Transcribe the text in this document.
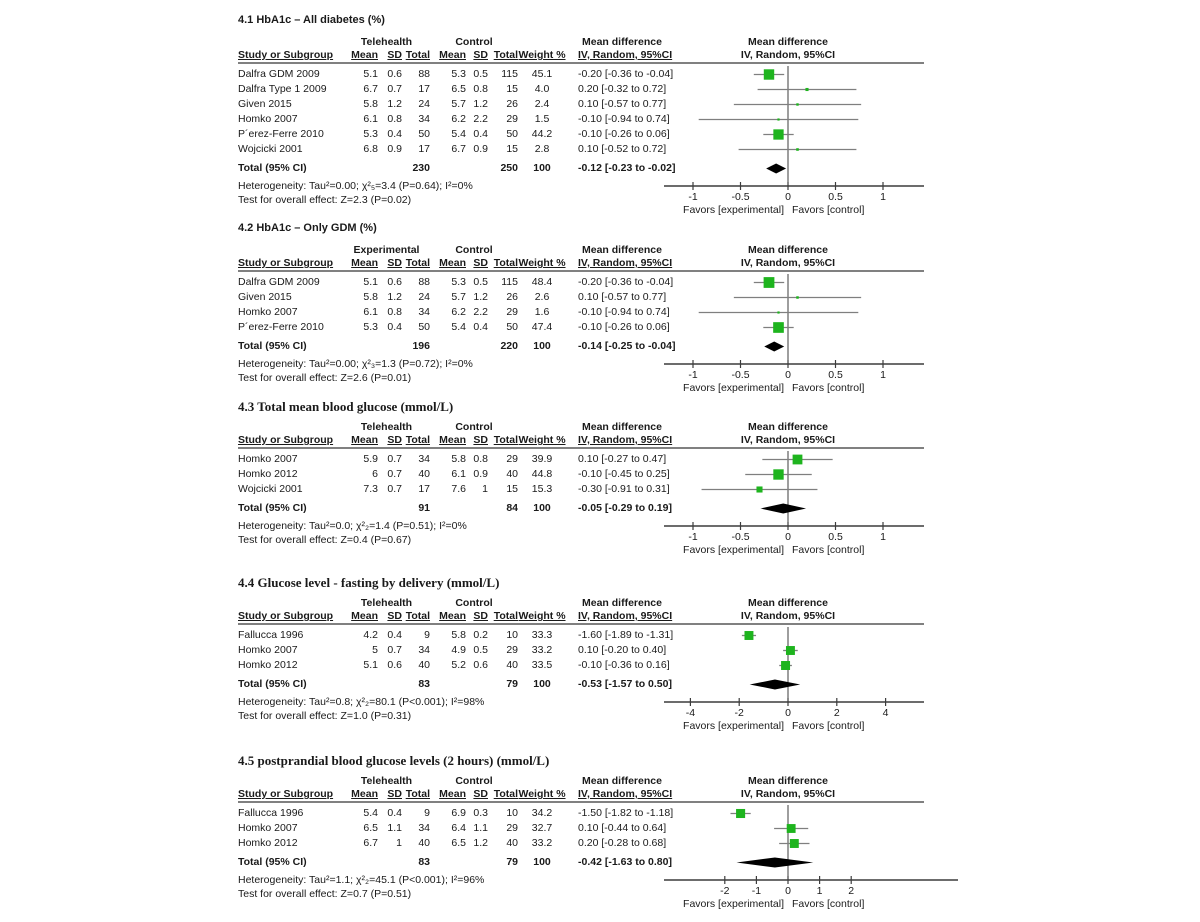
4.1 HbA1c – All diabetes (%)
Telehealth	Control	Mean difference
Study or Subgroup	Mean SD Total Mean SD Total Weight % IV, Random, 95%CI
Mean difference
IV, Random, 95%CI
Dalfra GDM 2009	5.1 0.6	88	5.3 0.5	115	45.1	-0.20 [-0.36 to -0.04]
Dalfra Type 1 2009	6.7 0.7	17	6.5 0.8	15	4.0	0.20 [-0.32 to 0.72]
Given 2015	5.8 1.2	24	5.7 1.2	26	2.4	0.10 [-0.57 to 0.77]
Homko 2007	6.1 0.8	34	6.2 2.2	29	1.5	-0.10 [-0.94 to 0.74]
P´erez-Ferre 2010	5.3 0.4	50	5.4 0.4	50	44.2	-0.10 [-0.26 to 0.06]
Wojcicki 2001	6.8 0.9	17	6.7 0.9	15	2.8	0.10 [-0.52 to 0.72]
Total (95% CI)	230	250	100	-0.12 [-0.23 to -0.02]
Heterogeneity: Tau²=0.00; χ²₅=3.4 (P=0.64); I²=0%
Test for overall effect: Z=2.3 (P=0.02)	-1	-0.5	0	0.5	1
Favors [experimental] Favors [control]
4.2 HbA1c – Only GDM (%)
Experimental	Control	Mean difference
Study or Subgroup	Mean SD Total Mean SD Total Weight % IV, Random, 95%CI
Mean difference
IV, Random, 95%CI
Dalfra GDM 2009	5.1 0.6	88	5.3 0.5	115	48.4	-0.20 [-0.36 to -0.04]
Given 2015	5.8 1.2	24	5.7 1.2	26	2.6	0.10 [-0.57 to 0.77]
Homko 2007	6.1 0.8	34	6.2 2.2	29	1.6	-0.10 [-0.94 to 0.74]
P´erez-Ferre 2010	5.3 0.4	50	5.4 0.4	50	47.4	-0.10 [-0.26 to 0.06]
Total (95% CI)	196	220	100	-0.14 [-0.25 to -0.04]
Heterogeneity: Tau²=0.00; χ²₃=1.3 (P=0.72); I²=0%
Test for overall effect: Z=2.6 (P=0.01)	-1	-0.5	0	0.5	1
Favors [experimental] Favors [control]
4.3 Total mean blood glucose (mmol/L)
Telehealth	Control	Mean difference
Study or Subgroup	Mean SD Total Mean SD Total Weight % IV, Random, 95%CI
Mean difference
IV, Random, 95%CI
Homko 2007	5.9 0.7	34	5.8 0.8	29	39.9	0.10 [-0.27 to 0.47]
Homko 2012	6 0.7	40	6.1 0.9	40	44.8	-0.10 [-0.45 to 0.25]
Wojcicki 2001	7.3 0.7	17	7.6	1	15	15.3	-0.30 [-0.91 to 0.31]
Total (95% CI)	91	84	100	-0.05 [-0.29 to 0.19]
Heterogeneity: Tau²=0.0; χ²₂=1.4 (P=0.51); I²=0%
Test for overall effect: Z=0.4 (P=0.67)	-1	-0.5	0	0.5	1
Favors [experimental] Favors [control]
4.4 Glucose level - fasting by delivery (mmol/L)
Telehealth	Control	Mean difference
Study or Subgroup	Mean SD Total Mean SD Total Weight % IV, Random, 95%CI
Mean difference
IV, Random, 95%CI
Fallucca 1996	4.2 0.4	9	5.8 0.2	10	33.3	-1.60 [-1.89 to -1.31]
Homko 2007	5 0.7	34	4.9 0.5	29	33.2	0.10 [-0.20 to 0.40]
Homko 2012	5.1 0.6	40	5.2 0.6	40	33.5	-0.10 [-0.36 to 0.16]
Total (95% CI)	83	79	100	-0.53 [-1.57 to 0.50]
Heterogeneity: Tau²=0.8; χ²₂=80.1 (P<0.001); I²=98%
Test for overall effect: Z=1.0 (P=0.31)	-4	-2	0	2	4
Favors [experimental] Favors [control]
4.5 postprandial blood glucose levels (2 hours) (mmol/L)
Telehealth	Control	Mean difference
Study or Subgroup	Mean SD Total Mean SD Total Weight % IV, Random, 95%CI
Mean difference
IV, Random, 95%CI
Fallucca 1996	5.4 0.4	9	6.9 0.3	10	34.2	-1.50 [-1.82 to -1.18]
Homko 2007	6.5 1.1	34	6.4 1.1	29	32.7	0.10 [-0.44 to 0.64]
Homko 2012	6.7	1	40	6.5 1.2	40	33.2	0.20 [-0.28 to 0.68]
Total (95% CI)	83	79	100	-0.42 [-1.63 to 0.80]
Heterogeneity: Tau²=1.1; χ²₂=45.1 (P<0.001); I²=96%
Test for overall effect: Z=0.7 (P=0.51)	-2 -1 0 1 2
Favors [experimental] Favors [control]
